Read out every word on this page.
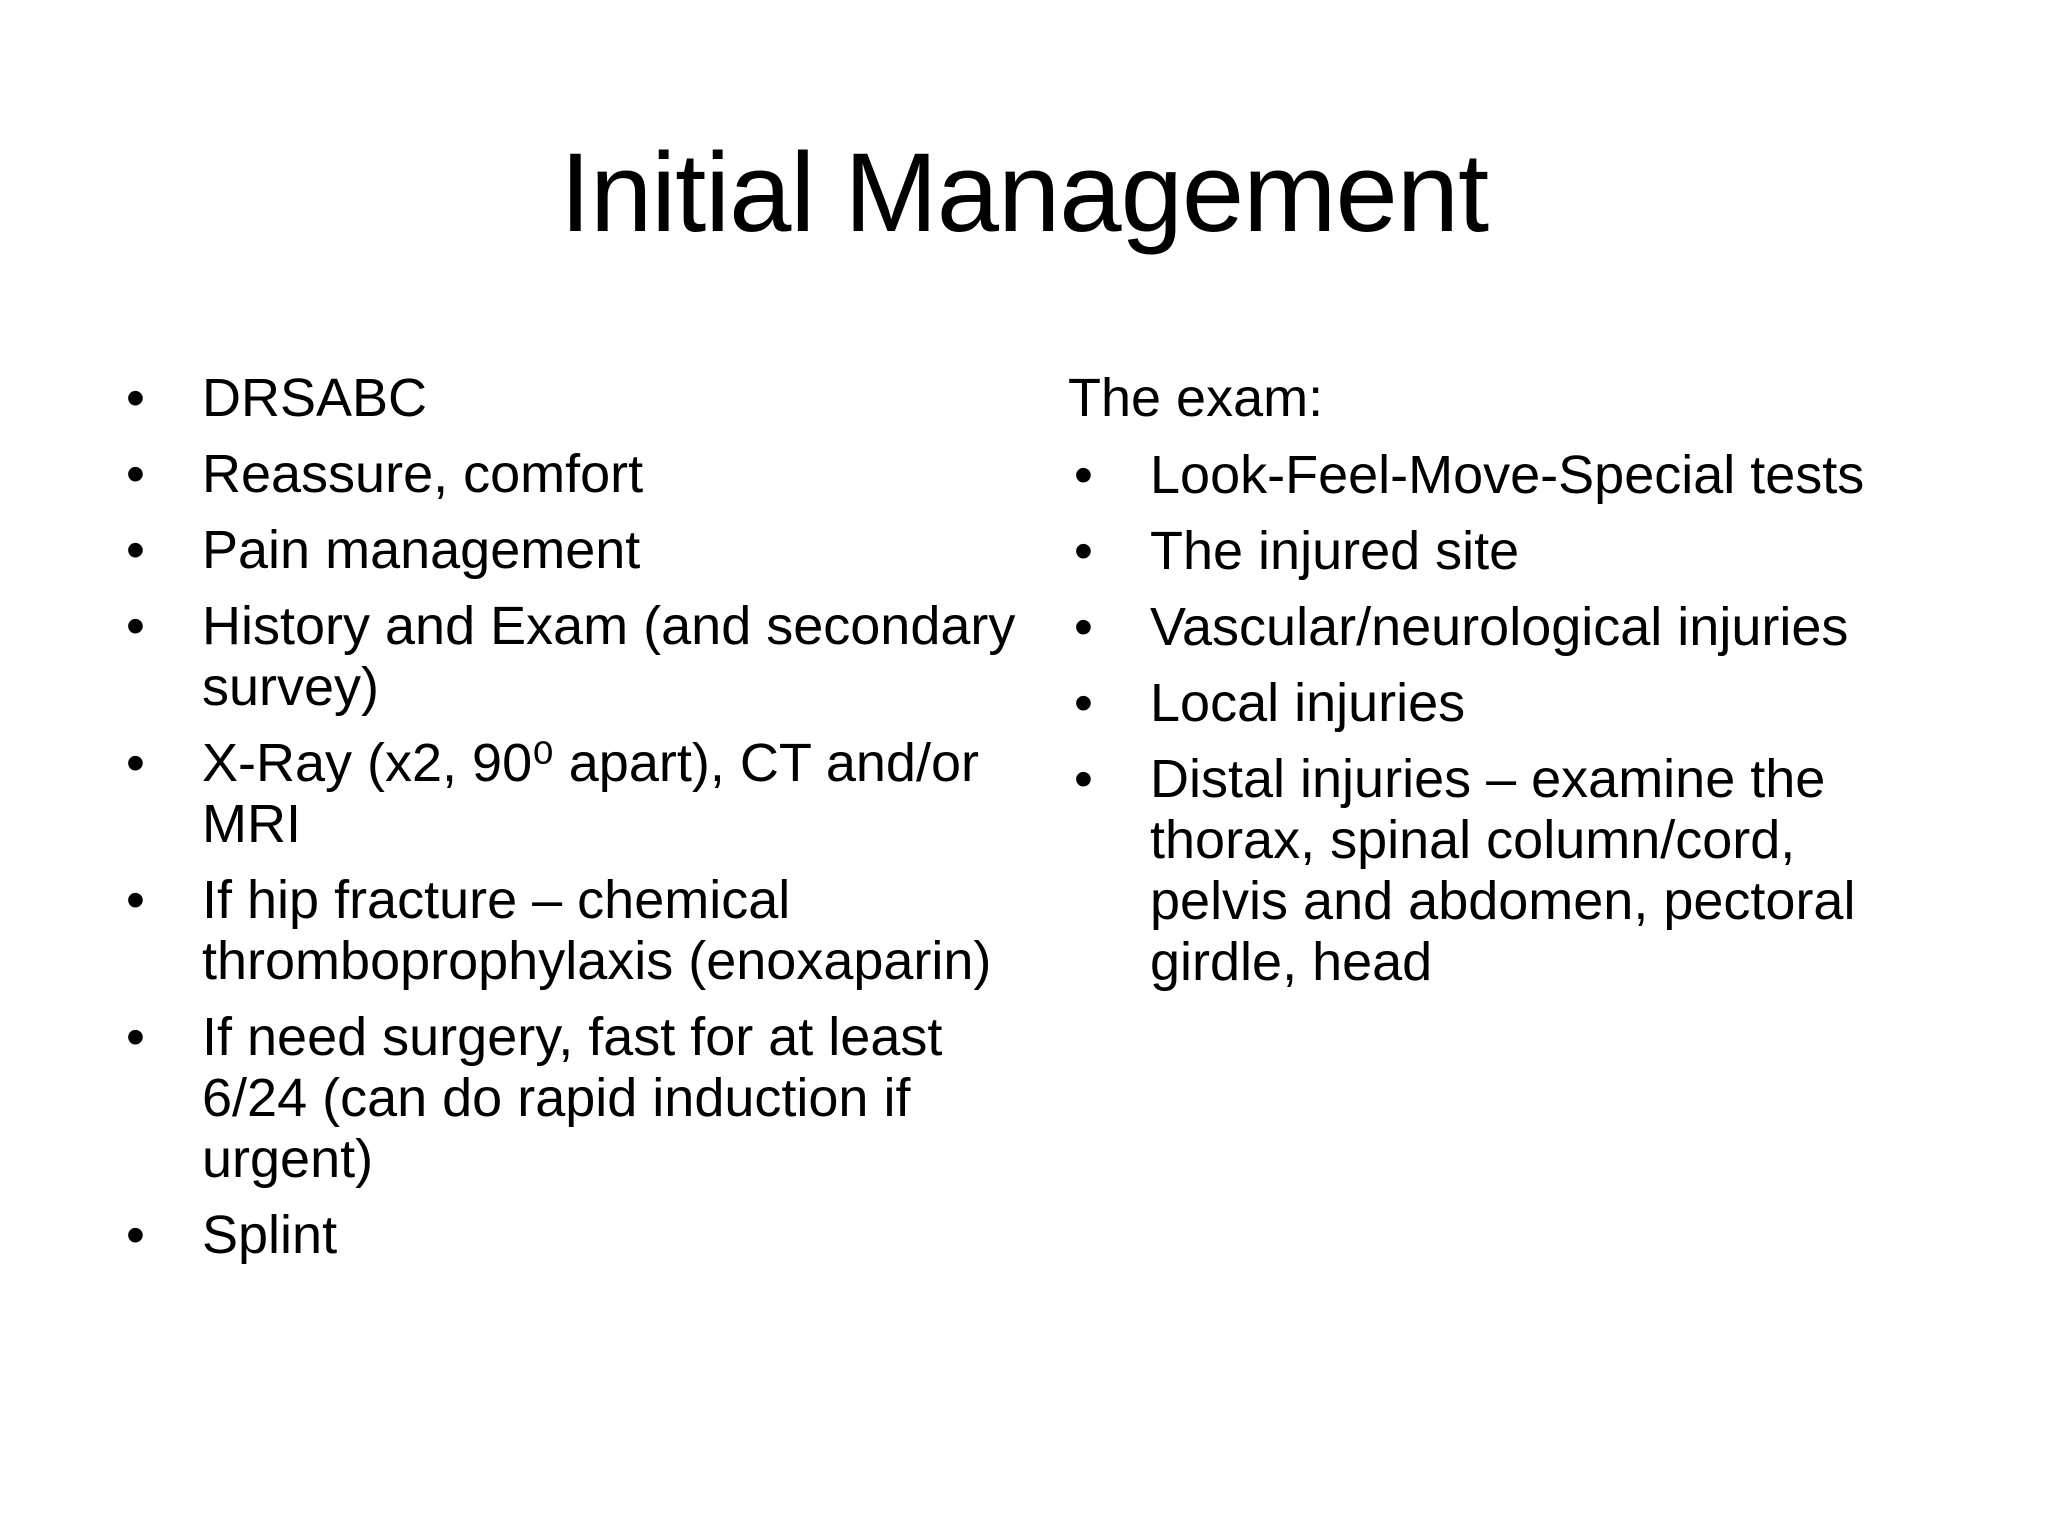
Initial Management
•	DRSABC
•	Reassure, comfort
•	Pain management
•	History and Exam (and secondary survey)
•	X-Ray (x2, 90⁰ apart), CT and/or MRI
•	If hip fracture – chemical thromboprophylaxis (enoxaparin)
•	If need surgery, fast for at least 6/24 (can do rapid induction if urgent)
•	Splint
The exam:
•	Look-Feel-Move-Special tests
•	The injured site
•	Vascular/neurological injuries
•	Local injuries
•	Distal injuries – examine the thorax, spinal column/cord, pelvis and abdomen, pectoral girdle, head
